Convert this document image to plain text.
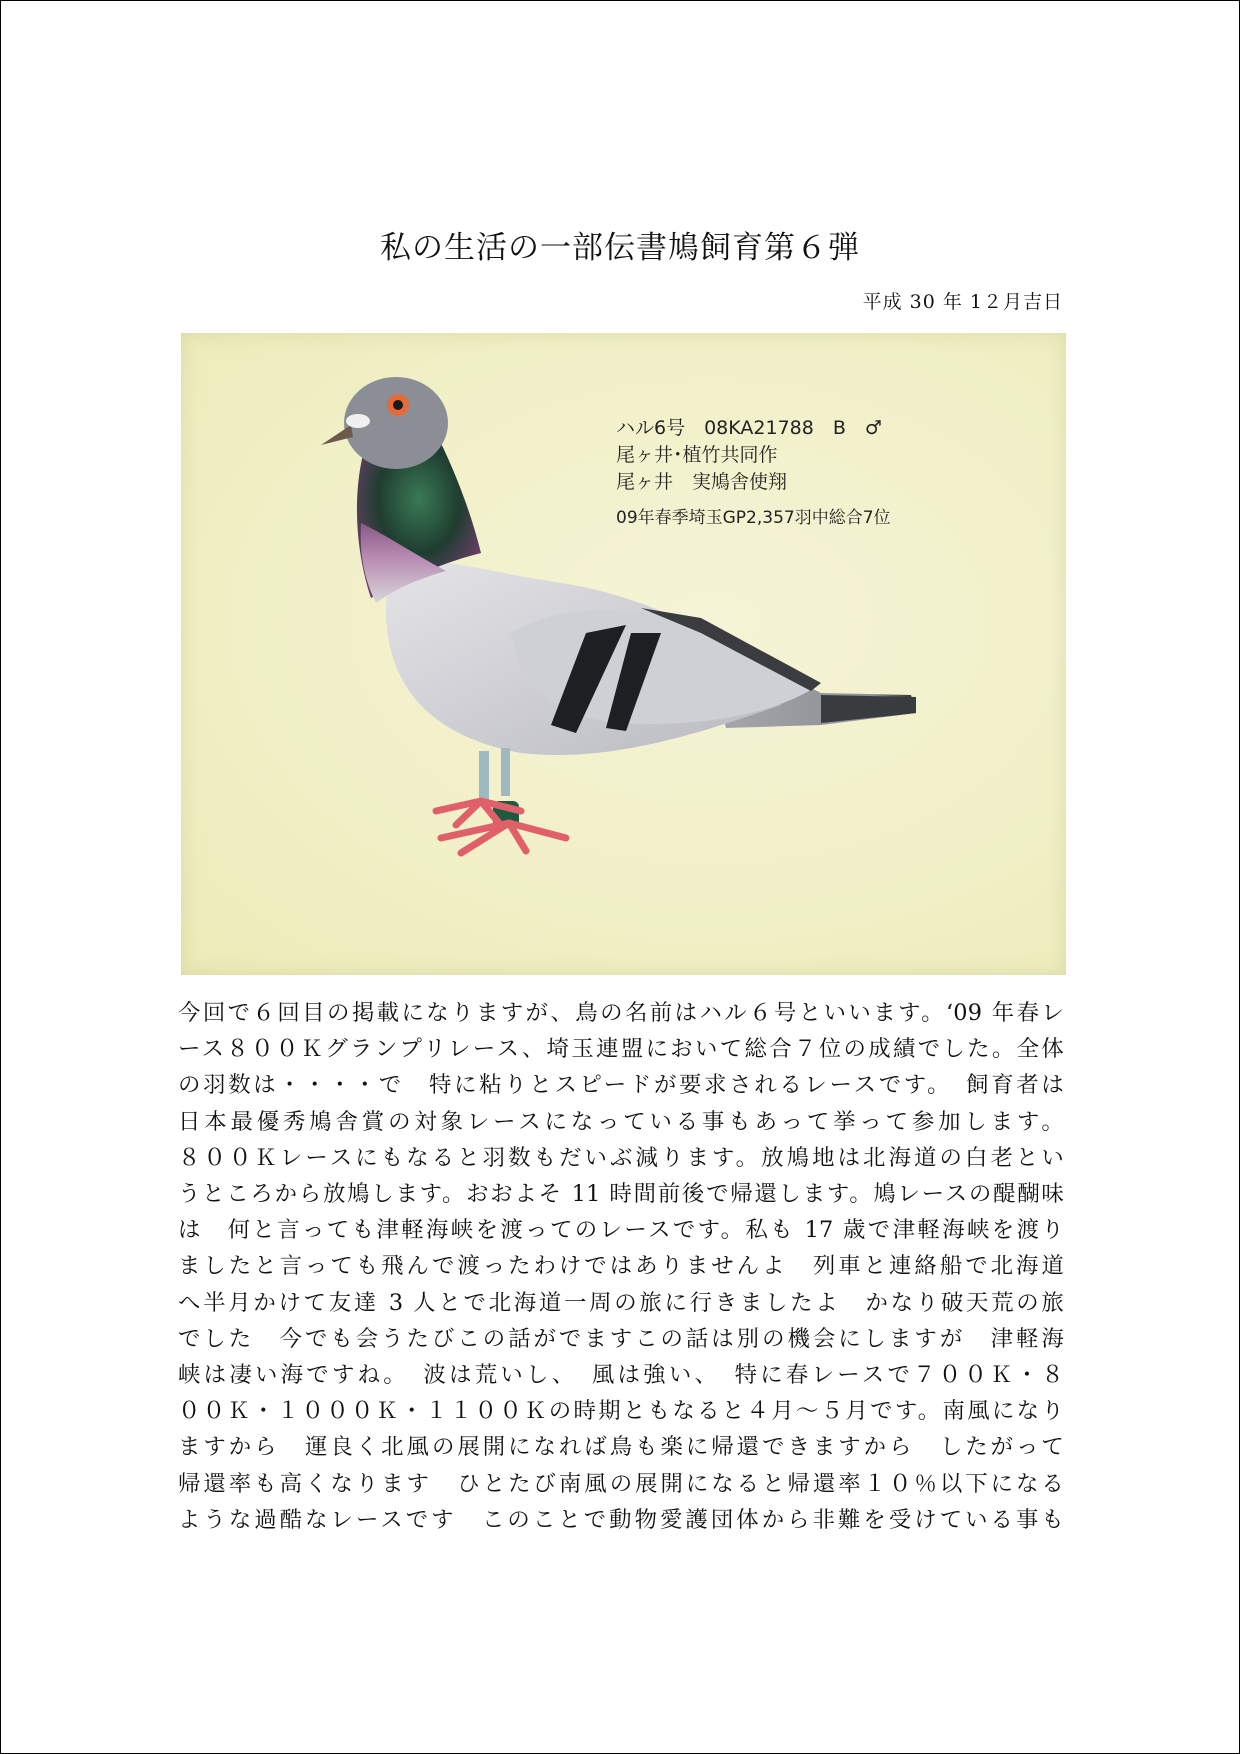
私の生活の一部伝書鳩飼育第６弾
平成 30 年 1２月吉日
ハル6号　08KA21788　B　♂
尾ヶ井･植竹共同作
尾ヶ井　実鳩舎使翔
09年春季埼玉GP2,357羽中総合7位
今回で６回目の掲載になりますが、鳥の名前はハル６号といいます。‘09 年春レ
ース８００Ｋグランプリレース、埼玉連盟において総合７位の成績でした。全体
の羽数は・・・・で　特に粘りとスピードが要求されるレースです。　飼育者は
日本最優秀鳩舎賞の対象レースになっている事もあって挙って参加します。
８００Ｋレースにもなると羽数もだいぶ減ります。放鳩地は北海道の白老とい
うところから放鳩します。おおよそ 11 時間前後で帰還します。鳩レースの醍醐味
は　何と言っても津軽海峡を渡ってのレースです。私も 17 歳で津軽海峡を渡り
ましたと言っても飛んで渡ったわけではありませんよ　列車と連絡船で北海道
へ半月かけて友達 3 人とで北海道一周の旅に行きましたよ　かなり破天荒の旅
でした　今でも会うたびこの話がでますこの話は別の機会にしますが　津軽海
峡は凄い海ですね。　波は荒いし、　風は強い、　特に春レースで７００Ｋ・８
００Ｋ・１０００Ｋ・１１００Ｋの時期ともなると４月～５月です。南風になり
ますから　運良く北風の展開になれば鳥も楽に帰還できますから　したがって
帰還率も高くなります　ひとたび南風の展開になると帰還率１０％以下になる
ような過酷なレースです　このことで動物愛護団体から非難を受けている事も
